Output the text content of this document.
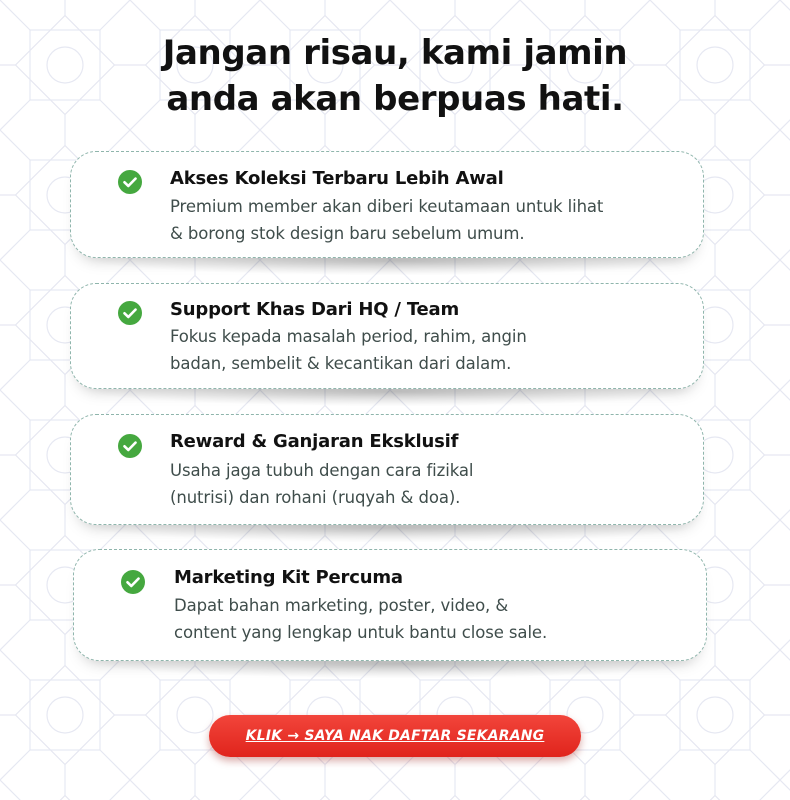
Jangan risau, kami jamin
anda akan berpuas hati.
Akses Koleksi Terbaru Lebih Awal
Premium member akan diberi keutamaan untuk lihat
& borong stok design baru sebelum umum.
Support Khas Dari HQ / Team
Fokus kepada masalah period, rahim, angin
badan, sembelit & kecantikan dari dalam.
Reward & Ganjaran Eksklusif
Usaha jaga tubuh dengan cara fizikal
(nutrisi) dan rohani (ruqyah & doa).
Marketing Kit Percuma
Dapat bahan marketing, poster, video, &
content yang lengkap untuk bantu close sale.
KLIK → SAYA NAK DAFTAR SEKARANG
